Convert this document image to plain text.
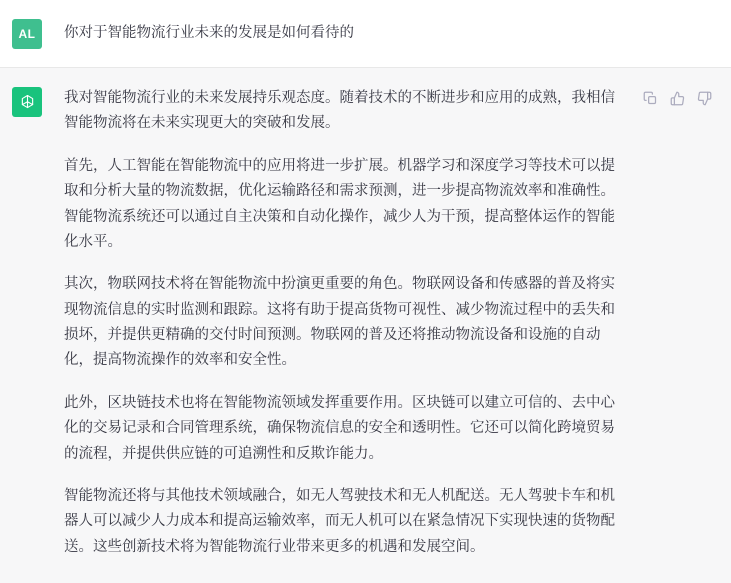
AL 你对于智能物流行业未来的发展是如何看待的

我对智能物流行业的未来发展持乐观态度。随着技术的不断进步和应用的成熟，我相信智能物流将在未来实现更大的突破和发展。

首先，人工智能在智能物流中的应用将进一步扩展。机器学习和深度学习等技术可以提取和分析大量的物流数据，优化运输路径和需求预测，进一步提高物流效率和准确性。智能物流系统还可以通过自主决策和自动化操作，减少人为干预，提高整体运作的智能化水平。

其次，物联网技术将在智能物流中扮演更重要的角色。物联网设备和传感器的普及将实现物流信息的实时监测和跟踪。这将有助于提高货物可视性、减少物流过程中的丢失和损坏，并提供更精确的交付时间预测。物联网的普及还将推动物流设备和设施的自动化，提高物流操作的效率和安全性。

此外，区块链技术也将在智能物流领域发挥重要作用。区块链可以建立可信的、去中心化的交易记录和合同管理系统，确保物流信息的安全和透明性。它还可以简化跨境贸易的流程，并提供供应链的可追溯性和反欺诈能力。

智能物流还将与其他技术领域融合，如无人驾驶技术和无人机配送。无人驾驶卡车和机器人可以减少人力成本和提高运输效率，而无人机可以在紧急情况下实现快速的货物配送。这些创新技术将为智能物流行业带来更多的机遇和发展空间。
